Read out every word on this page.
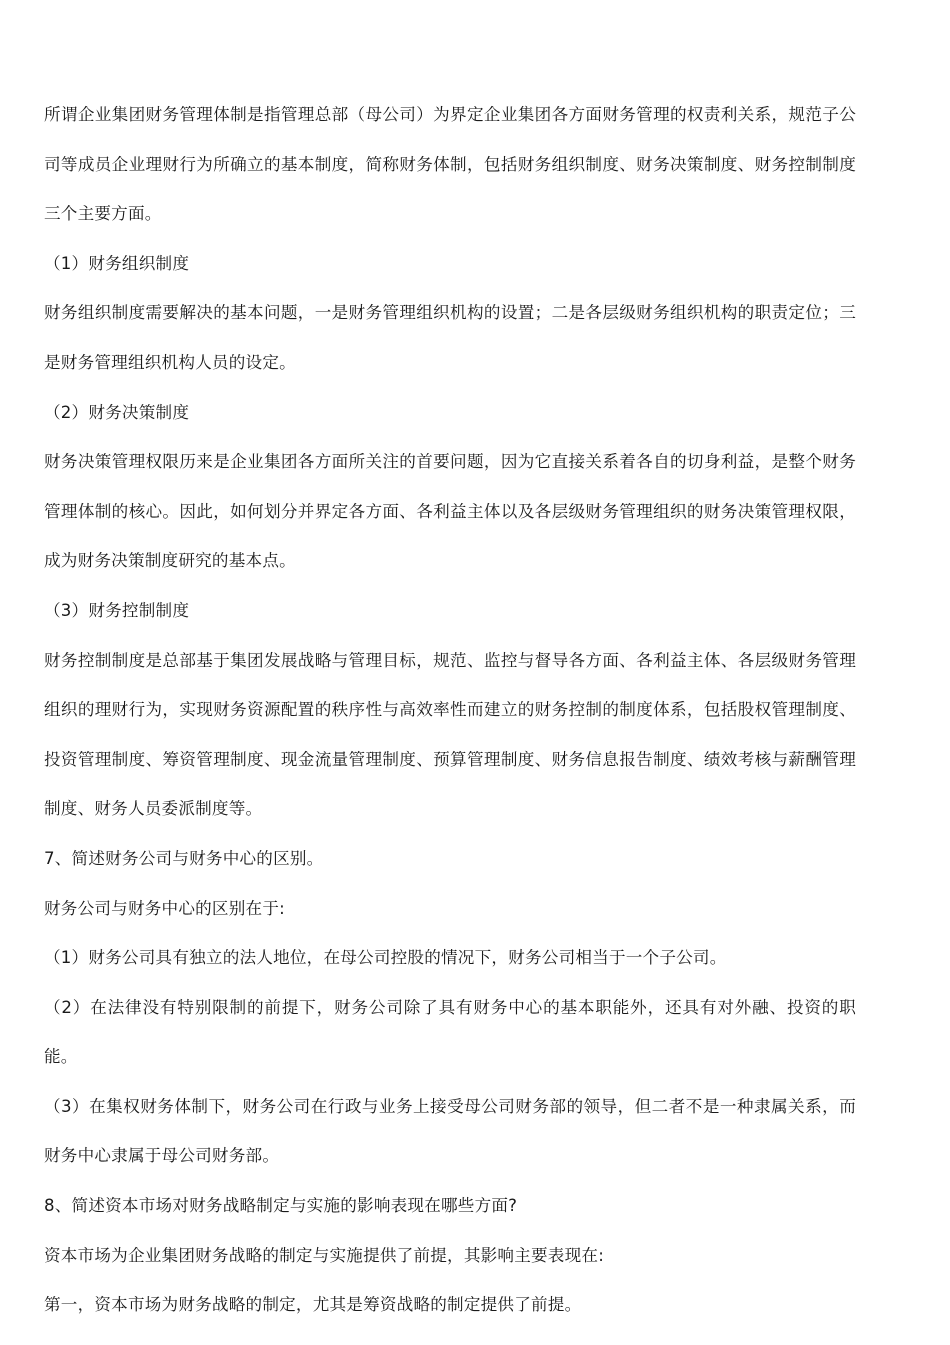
所谓企业集团财务管理体制是指管理总部（母公司）为界定企业集团各方面财务管理的权责利关系，规范子公司等成员企业理财行为所确立的基本制度，简称财务体制，包括财务组织制度、财务决策制度、财务控制制度三个主要方面。

（1）财务组织制度

财务组织制度需要解决的基本问题，一是财务管理组织机构的设置；二是各层级财务组织机构的职责定位；三是财务管理组织机构人员的设定。

（2）财务决策制度

财务决策管理权限历来是企业集团各方面所关注的首要问题，因为它直接关系着各自的切身利益，是整个财务管理体制的核心。因此，如何划分并界定各方面、各利益主体以及各层级财务管理组织的财务决策管理权限，成为财务决策制度研究的基本点。

（3）财务控制制度

财务控制制度是总部基于集团发展战略与管理目标，规范、监控与督导各方面、各利益主体、各层级财务管理组织的理财行为，实现财务资源配置的秩序性与高效率性而建立的财务控制的制度体系，包括股权管理制度、投资管理制度、筹资管理制度、现金流量管理制度、预算管理制度、财务信息报告制度、绩效考核与薪酬管理制度、财务人员委派制度等。

7、简述财务公司与财务中心的区别。

财务公司与财务中心的区别在于:

（1）财务公司具有独立的法人地位，在母公司控股的情况下，财务公司相当于一个子公司。

（2）在法律没有特别限制的前提下，财务公司除了具有财务中心的基本职能外，还具有对外融、投资的职能。

（3）在集权财务体制下，财务公司在行政与业务上接受母公司财务部的领导，但二者不是一种隶属关系，而财务中心隶属于母公司财务部。

8、简述资本市场对财务战略制定与实施的影响表现在哪些方面?

资本市场为企业集团财务战略的制定与实施提供了前提，其影响主要表现在:

第一，资本市场为财务战略的制定，尤其是筹资战略的制定提供了前提。
